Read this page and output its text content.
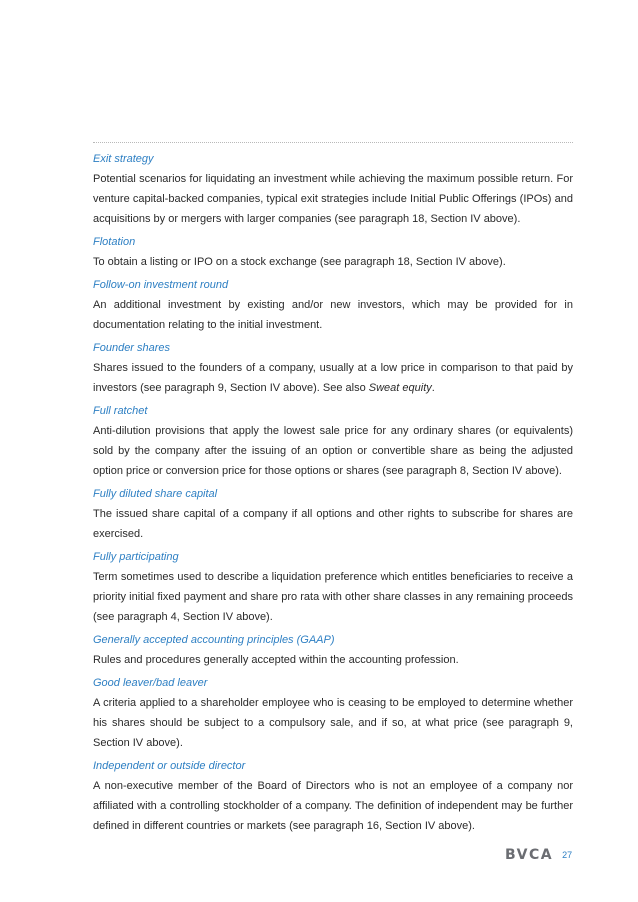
Exit strategy

Potential scenarios for liquidating an investment while achieving the maximum possible return. For venture capital-backed companies, typical exit strategies include Initial Public Offerings (IPOs) and acquisitions by or mergers with larger companies (see paragraph 18, Section IV above).

Flotation

To obtain a listing or IPO on a stock exchange (see paragraph 18, Section IV above).

Follow-on investment round

An additional investment by existing and/or new investors, which may be provided for in documentation relating to the initial investment.

Founder shares

Shares issued to the founders of a company, usually at a low price in comparison to that paid by investors (see paragraph 9, Section IV above). See also Sweat equity.

Full ratchet

Anti-dilution provisions that apply the lowest sale price for any ordinary shares (or equivalents) sold by the company after the issuing of an option or convertible share as being the adjusted option price or conversion price for those options or shares (see paragraph 8, Section IV above).

Fully diluted share capital

The issued share capital of a company if all options and other rights to subscribe for shares are exercised.

Fully participating

Term sometimes used to describe a liquidation preference which entitles beneficiaries to receive a priority initial fixed payment and share pro rata with other share classes in any remaining proceeds (see paragraph 4, Section IV above).

Generally accepted accounting principles (GAAP)

Rules and procedures generally accepted within the accounting profession.

Good leaver/bad leaver

A criteria applied to a shareholder employee who is ceasing to be employed to determine whether his shares should be subject to a compulsory sale, and if so, at what price (see paragraph 9, Section IV above).

Independent or outside director

A non-executive member of the Board of Directors who is not an employee of a company nor affiliated with a controlling stockholder of a company. The definition of independent may be further defined in different countries or markets (see paragraph 16, Section IV above).

BVCA 27
